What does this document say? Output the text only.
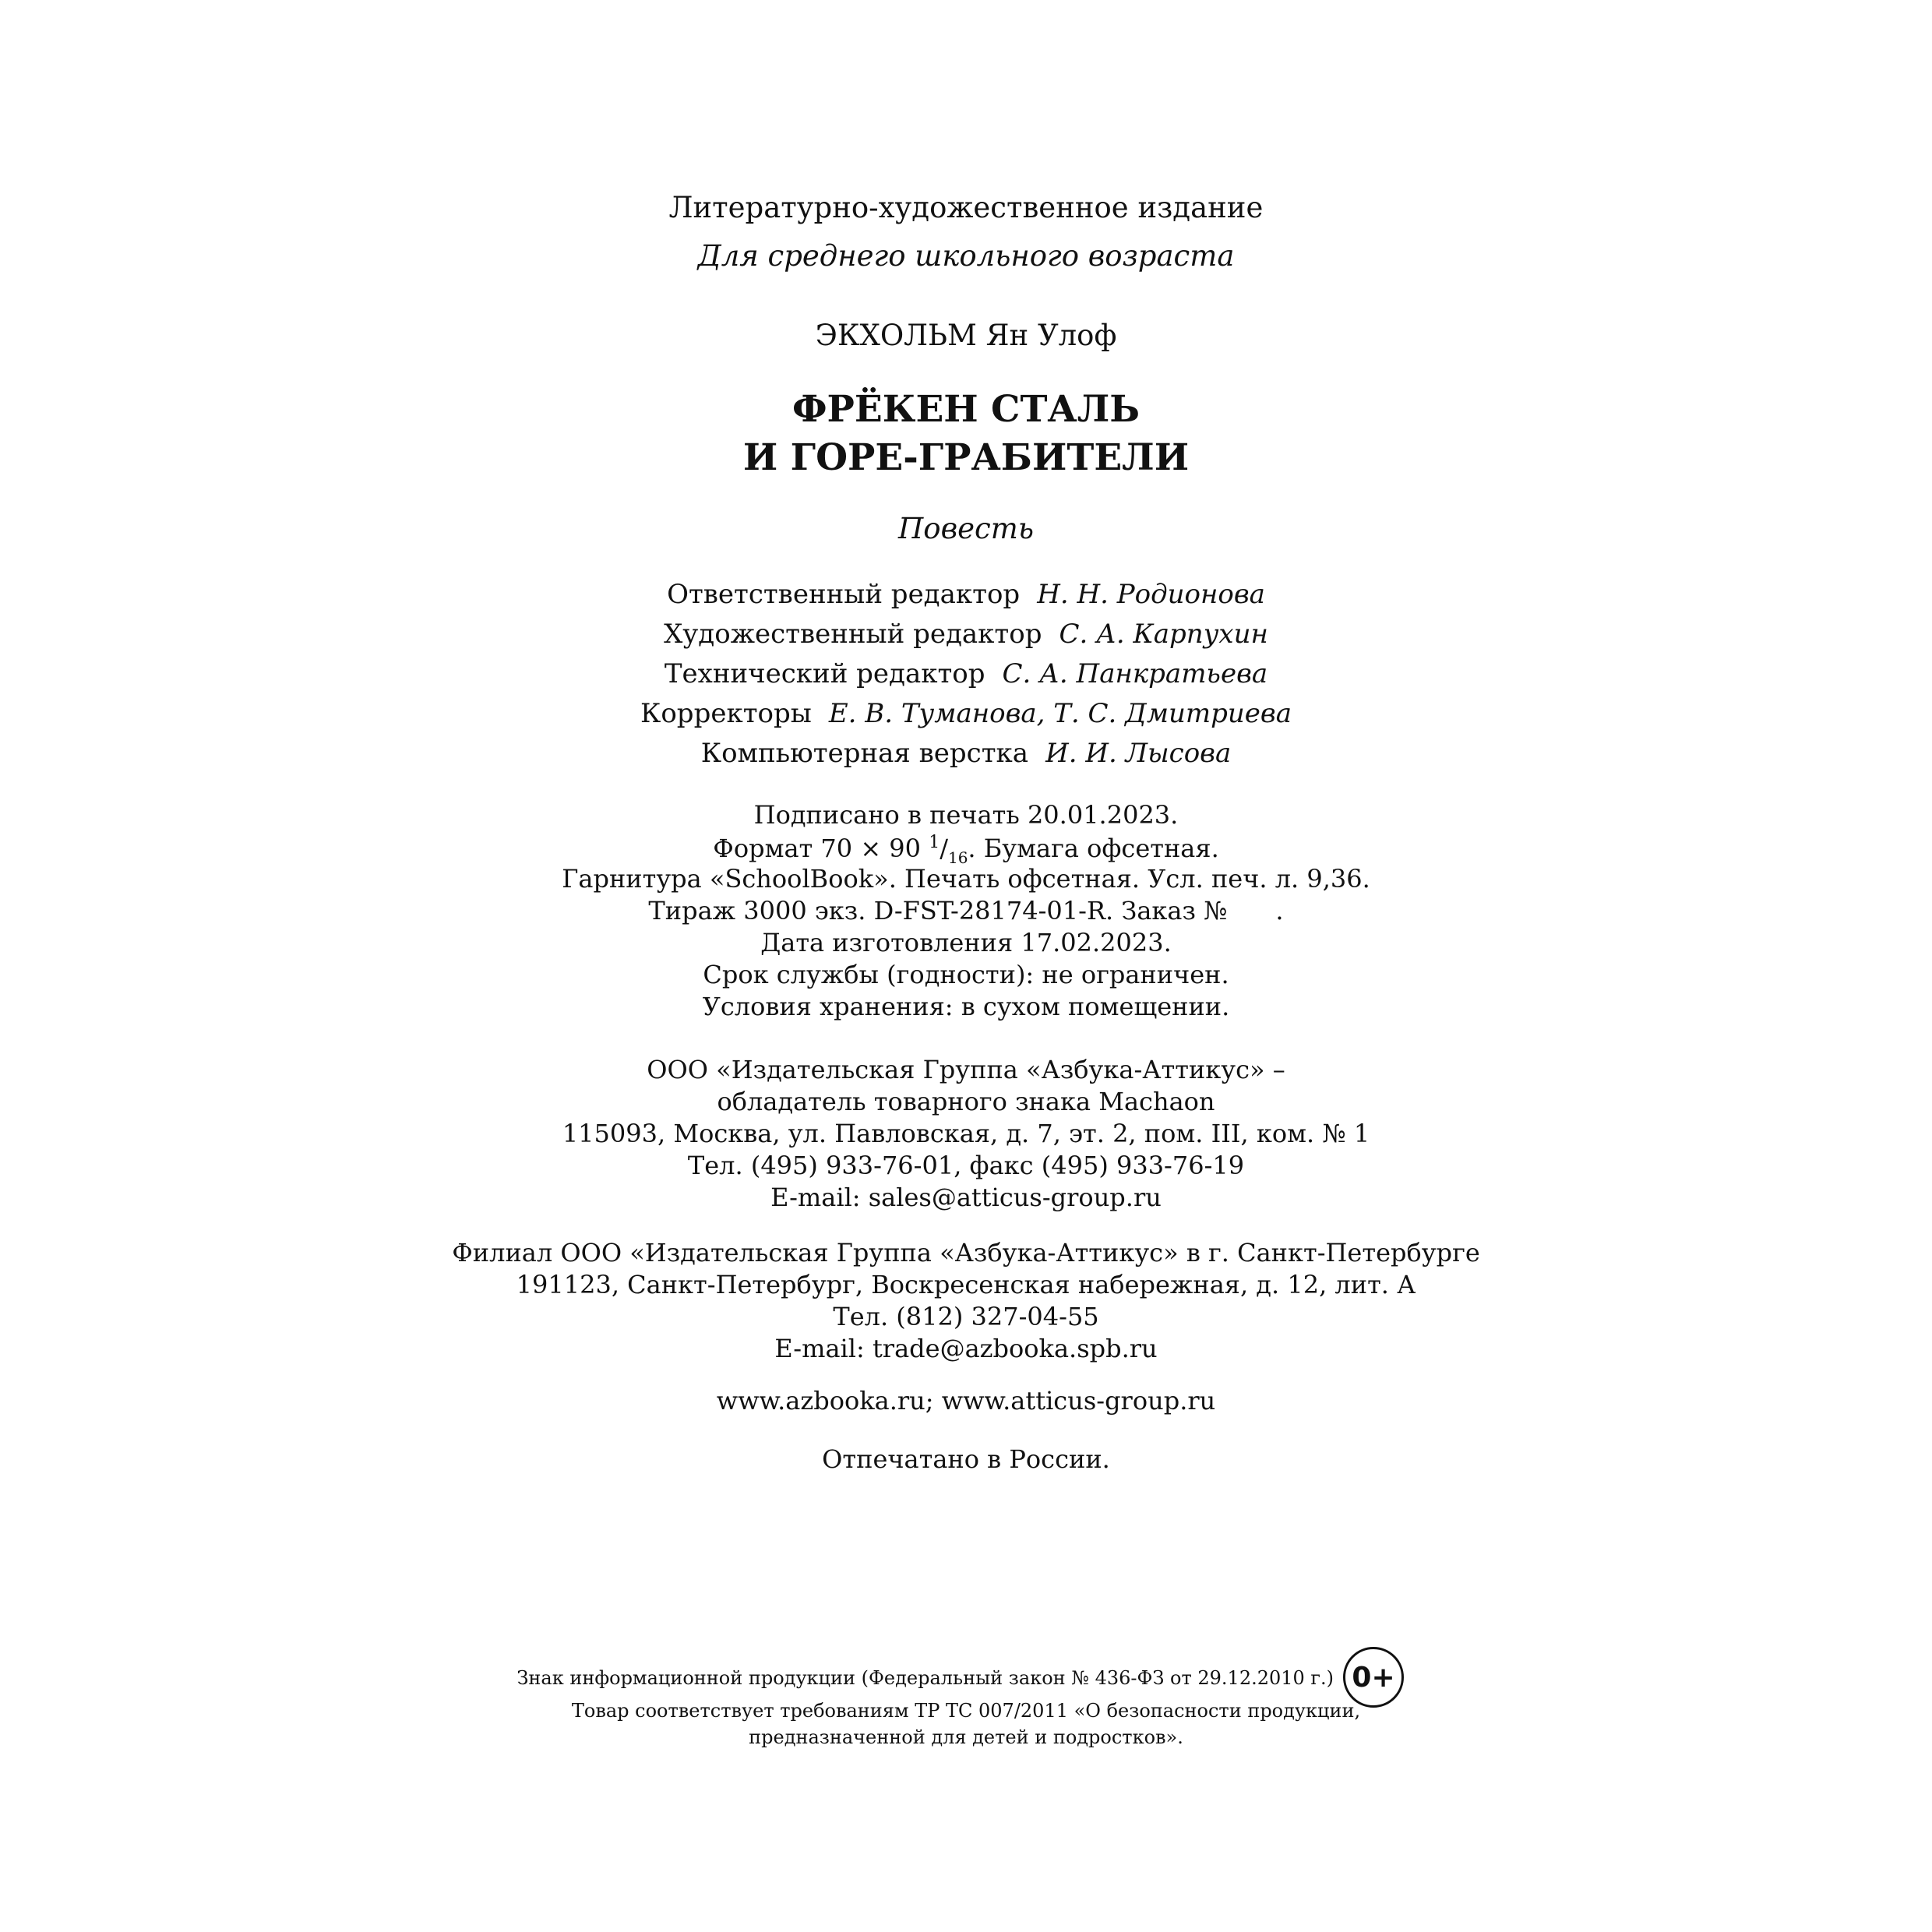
Литературно-художественное издание
Для среднего школьного возраста
ЭКХОЛЬМ Ян Улоф
ФРЁКЕН СТАЛЬ
И ГОРЕ-ГРАБИТЕЛИ
Повесть
Ответственный редактор Н. Н. Родионова
Художественный редактор С. А. Карпухин
Технический редактор С. А. Панкратьева
Корректоры Е. В. Туманова, Т. С. Дмитриева
Компьютерная верстка И. И. Лысова
Подписано в печать 20.01.2023.
Формат 70 × 90 $^1/_{16}$. Бумага офсетная.
Гарнитура «SchoolBook». Печать офсетная. Усл. печ. л. 9,36.
Тираж 3000 экз. D-FST-28174-01-R. Заказ № .
Дата изготовления 17.02.2023.
Срок службы (годности): не ограничен.
Условия хранения: в сухом помещении.
ООО «Издательская Группа «Азбука-Аттикус» –
обладатель товарного знака Machaon
115093, Москва, ул. Павловская, д. 7, эт. 2, пом. III, ком. № 1
Тел. (495) 933-76-01, факс (495) 933-76-19
E-mail: sales@atticus-group.ru
Филиал ООО «Издательская Группа «Азбука-Аттикус» в г. Санкт-Петербурге
191123, Санкт-Петербург, Воскресенская набережная, д. 12, лит. А
Тел. (812) 327-04-55
E-mail: trade@azbooka.spb.ru
www.azbooka.ru; www.atticus-group.ru
Отпечатано в России.
Знак информационной продукции (Федеральный закон № 436-ФЗ от 29.12.2010 г.) 0+
Товар соответствует требованиям ТР ТС 007/2011 «О безопасности продукции,
предназначенной для детей и подростков».
